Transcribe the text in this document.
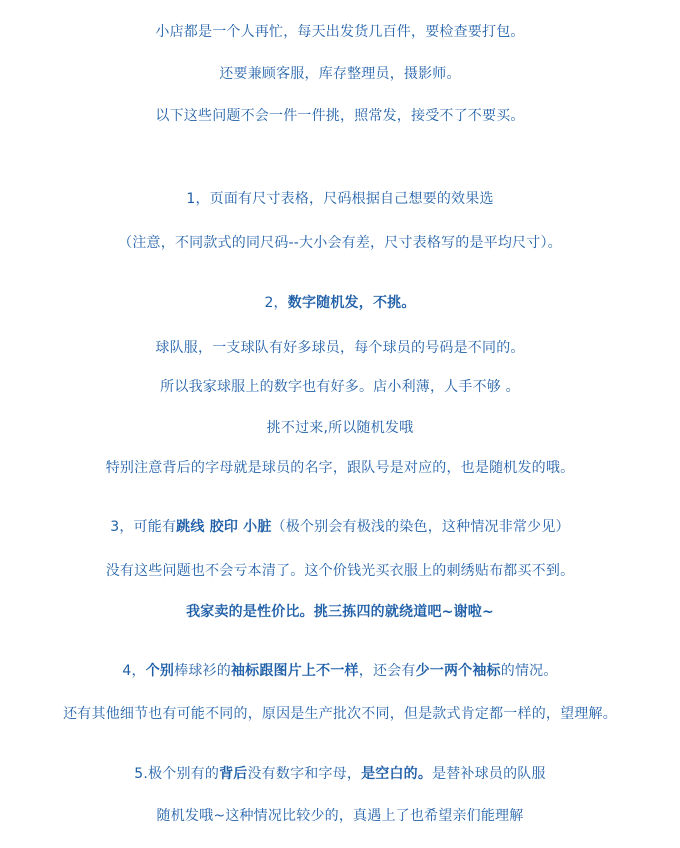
小店都是一个人再忙，每天出发货几百件，要检查要打包。
还要兼顾客服，库存整理员，摄影师。
以下这些问题不会一件一件挑，照常发，接受不了不要买。
1，页面有尺寸表格，尺码根据自己想要的效果选
（注意，不同款式的同尺码--大小会有差，尺寸表格写的是平均尺寸）。
2，数字随机发，不挑。
球队服，一支球队有好多球员，每个球员的号码是不同的。
所以我家球服上的数字也有好多。店小利薄，人手不够 。
挑不过来,所以随机发哦
特别注意背后的字母就是球员的名字，跟队号是对应的，也是随机发的哦。
3，可能有跳线 胶印 小脏（极个别会有极浅的染色，这种情况非常少见）
没有这些问题也不会亏本清了。这个价钱光买衣服上的刺绣贴布都买不到。
我家卖的是性价比。挑三拣四的就绕道吧~谢啦~
4，个别棒球衫的袖标跟图片上不一样，还会有少一两个袖标的情况。
还有其他细节也有可能不同的，原因是生产批次不同，但是款式肯定都一样的，望理解。
5.极个别有的背后没有数字和字母，是空白的。是替补球员的队服
随机发哦~这种情况比较少的，真遇上了也希望亲们能理解
